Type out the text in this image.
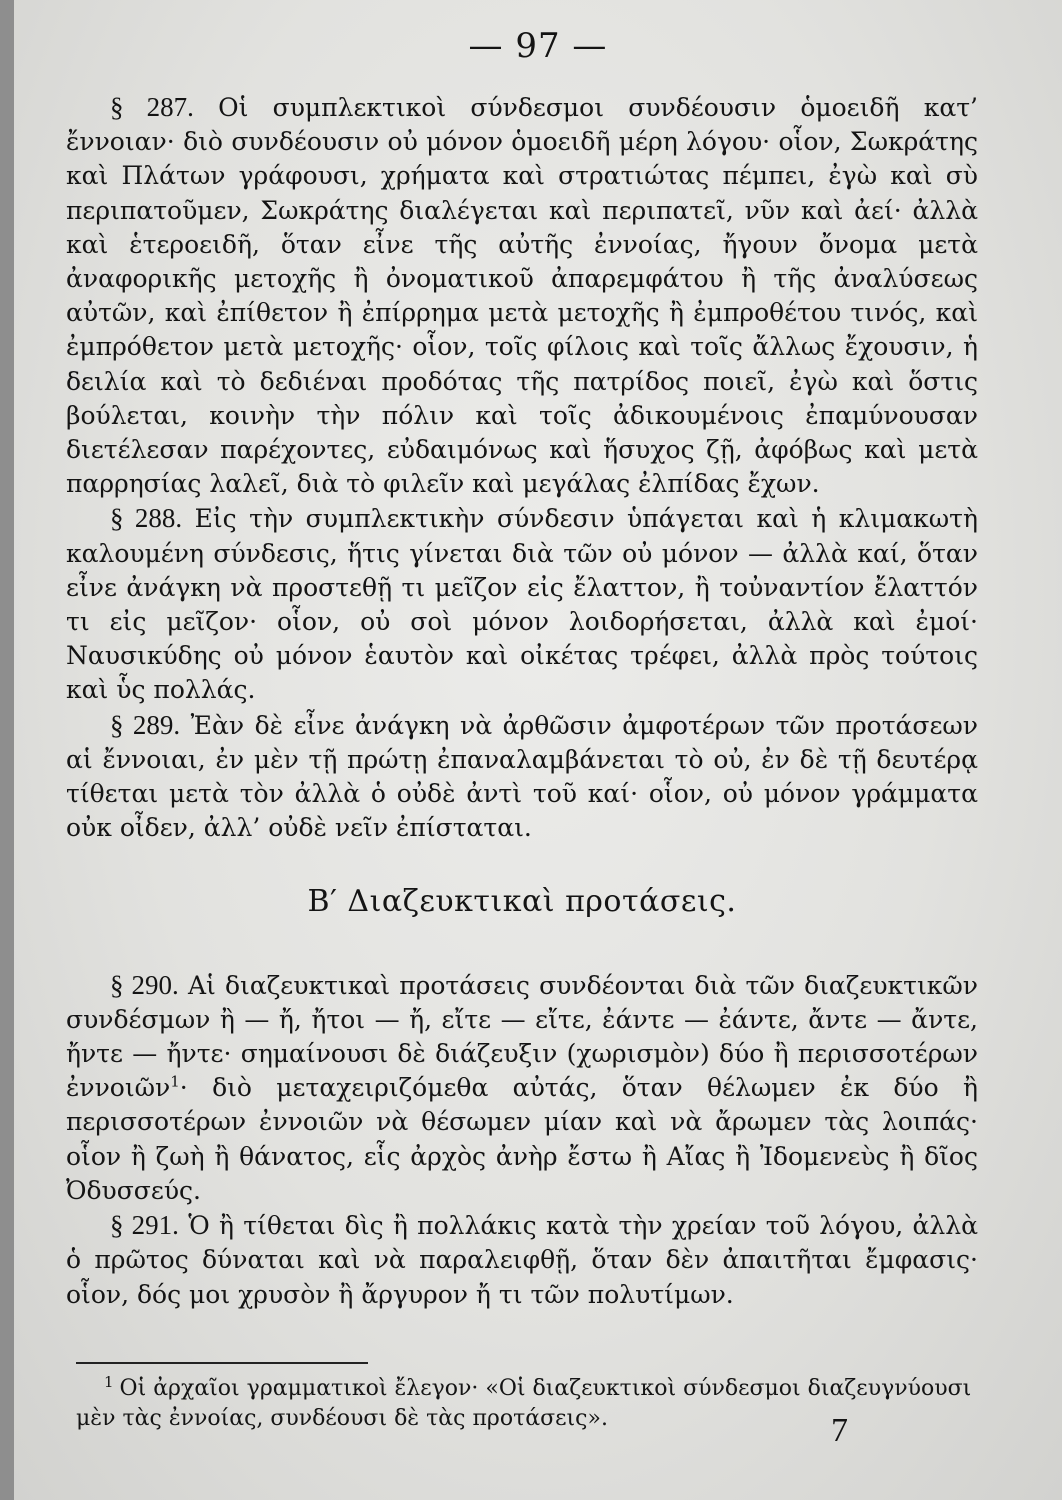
— 97 —

§ 287. Οἱ συμπλεκτικοὶ σύνδεσμοι συνδέουσιν ὁμοειδῆ κατ’ ἔννοιαν· διὸ συνδέουσιν οὐ μόνον ὁμοειδῆ μέρη λόγου· οἷον, Σωκράτης καὶ Πλάτων γράφουσι, χρήματα καὶ στρατιώτας πέμπει, ἐγὼ καὶ σὺ περιπατοῦμεν, Σωκράτης διαλέγεται καὶ περιπατεῖ, νῦν καὶ ἀεί· ἀλλὰ καὶ ἑτεροειδῆ, ὅταν εἶνε τῆς αὐτῆς ἐννοίας, ἤγουν ὄνομα μετὰ ἀναφορικῆς μετοχῆς ἢ ὀνοματικοῦ ἀπαρεμφάτου ἢ τῆς ἀναλύσεως αὐτῶν, καὶ ἐπίθετον ἢ ἐπίρρημα μετὰ μετοχῆς ἢ ἐμπροθέτου τινός, καὶ ἐμπρόθετον μετὰ μετοχῆς· οἷον, τοῖς φίλοις καὶ τοῖς ἄλλως ἔχουσιν, ἡ δειλία καὶ τὸ δεδιέναι προδότας τῆς πατρίδος ποιεῖ, ἐγὼ καὶ ὅστις βούλεται, κοινὴν τὴν πόλιν καὶ τοῖς ἀδικουμένοις ἐπαμύνουσαν διετέλεσαν παρέχοντες, εὐδαιμόνως καὶ ἥσυχος ζῇ, ἀφόβως καὶ μετὰ παρρησίας λαλεῖ, διὰ τὸ φιλεῖν καὶ μεγάλας ἐλπίδας ἔχων.

§ 288. Εἰς τὴν συμπλεκτικὴν σύνδεσιν ὑπάγεται καὶ ἡ κλιμακωτὴ καλουμένη σύνδεσις, ἥτις γίνεται διὰ τῶν οὐ μόνον — ἀλλὰ καί, ὅταν εἶνε ἀνάγκη νὰ προστεθῇ τι μεῖζον εἰς ἔλαττον, ἢ τοὐναντίον ἔλαττόν τι εἰς μεῖζον· οἷον, οὐ σοὶ μόνον λοιδορήσεται, ἀλλὰ καὶ ἐμοί· Ναυσικύδης οὐ μόνον ἑαυτὸν καὶ οἰκέτας τρέφει, ἀλλὰ πρὸς τούτοις καὶ ὗς πολλάς.

§ 289. Ἐὰν δὲ εἶνε ἀνάγκη νὰ ἀρθῶσιν ἀμφοτέρων τῶν προτάσεων αἱ ἔννοιαι, ἐν μὲν τῇ πρώτῃ ἐπαναλαμβάνεται τὸ οὐ, ἐν δὲ τῇ δευτέρᾳ τίθεται μετὰ τὸν ἀλλὰ ὁ οὐδὲ ἀντὶ τοῦ καί· οἷον, οὐ μόνον γράμματα οὐκ οἶδεν, ἀλλ’ οὐδὲ νεῖν ἐπίσταται.

Β′ Διαζευκτικαὶ προτάσεις.

§ 290. Αἱ διαζευκτικαὶ προτάσεις συνδέονται διὰ τῶν διαζευκτικῶν συνδέσμων ἢ — ἤ, ἤτοι — ἤ, εἴτε — εἴτε, ἐάντε — ἐάντε, ἄντε — ἄντε, ἤντε — ἤντε· σημαίνουσι δὲ διάζευξιν (χωρισμὸν) δύο ἢ περισσοτέρων ἐννοιῶν$^1$· διὸ μεταχειριζόμεθα αὐτάς, ὅταν θέλωμεν ἐκ δύο ἢ περισσοτέρων ἐννοιῶν νὰ θέσωμεν μίαν καὶ νὰ ἄρωμεν τὰς λοιπάς· οἷον ἢ ζωὴ ἢ θάνατος, εἷς ἀρχὸς ἀνὴρ ἔστω ἢ Αἴας ἢ Ἰδομενεὺς ἢ δῖος Ὀδυσσεύς.

§ 291. Ὁ ἢ τίθεται δὶς ἢ πολλάκις κατὰ τὴν χρείαν τοῦ λόγου, ἀλλὰ ὁ πρῶτος δύναται καὶ νὰ παραλειφθῇ, ὅταν δὲν ἀπαιτῆται ἔμφασις· οἷον, δός μοι χρυσὸν ἢ ἄργυρον ἤ τι τῶν πολυτίμων.

$^1$ Οἱ ἀρχαῖοι γραμματικοὶ ἔλεγον· «Οἱ διαζευκτικοὶ σύνδεσμοι διαζευγνύουσι μὲν τὰς ἐννοίας, συνδέουσι δὲ τὰς προτάσεις».	7
